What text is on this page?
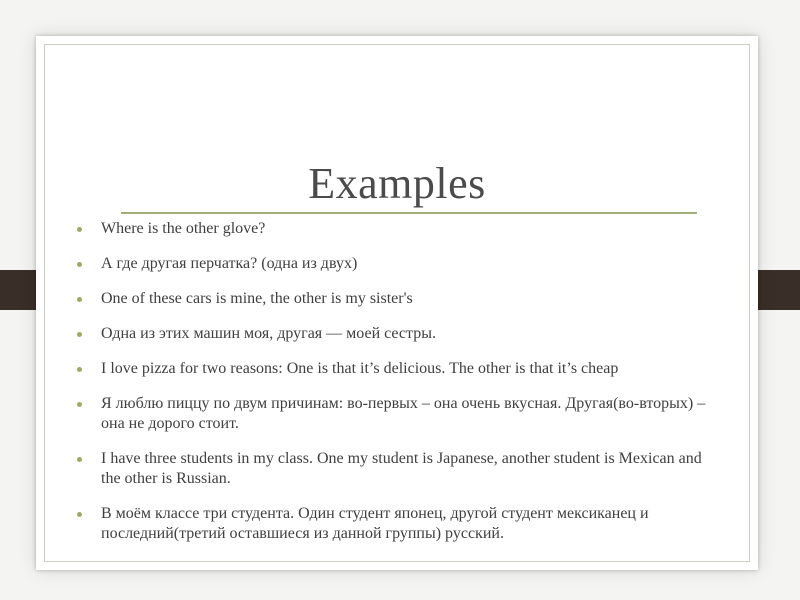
Examples
Where is the other glove?
А где другая перчатка? (одна из двух)
One of these cars is mine, the other is my sister's
Одна из этих машин моя, другая — моей сестры.
I love pizza for two reasons: One is that it’s delicious. The other is that it’s cheap
Я люблю пиццу по двум причинам: во-первых – она очень вкусная. Другая(во-вторых) – она не дорого стоит.
I have three students in my class. One my student is Japanese, another student is Mexican and the other is Russian.
В моём классе три студента. Один студент японец, другой студент мексиканец и последний(третий оставшиеся из данной группы) русский.
